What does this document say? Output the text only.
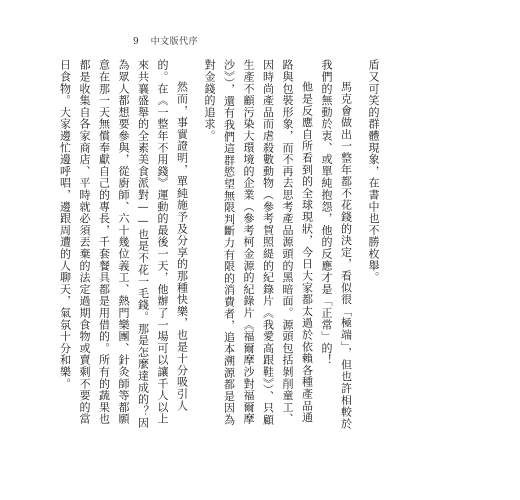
9 中文版代序

盾又可笑的群體現象，在書中也不勝枚舉。

馬克會做出一整年都不花錢的決定，看似很「極端」，但也許相較於我們的無動於衷、或單純抱怨，他的反應才是「正常」的！

他是反應自所看到的全球現狀，今日大家都太過於依賴各種產品通路與包裝形象，而不再去思考產品源頭的黑暗面。源頭包括剝削童工、因時尚產品而虐殺數動物（參考賀照緹的紀錄片《我愛高跟鞋》）、只顧生產不顧污染大環境的企業（參考柯金源的紀錄片《福爾摩沙對福爾摩沙》），還有我們這群慾望無限判斷力有限的消費者，追本溯源都是因為對金錢的追求。

然而，事實證明，單純施予及分享的那種快樂，也是十分吸引人的。在《一整年不用錢》運動的最後一天，他辦了一場可以讓千人以上來共襄盛舉的全素美食派對——也是不花一毛錢。那是怎麼達成的？因為眾人都想要參與，從廚師、六十幾位義工、熱門樂團、針灸師等都願意在那一天無償奉獻自己的專長，千套餐具都是用借的。所有的蔬果也都是收集自各家商店、平時就必須丟棄的法定過期食物或賣剩不要的當日食物。大家邊忙邊呼唱，邊跟周遭的人聊天，氣氛十分和樂。
